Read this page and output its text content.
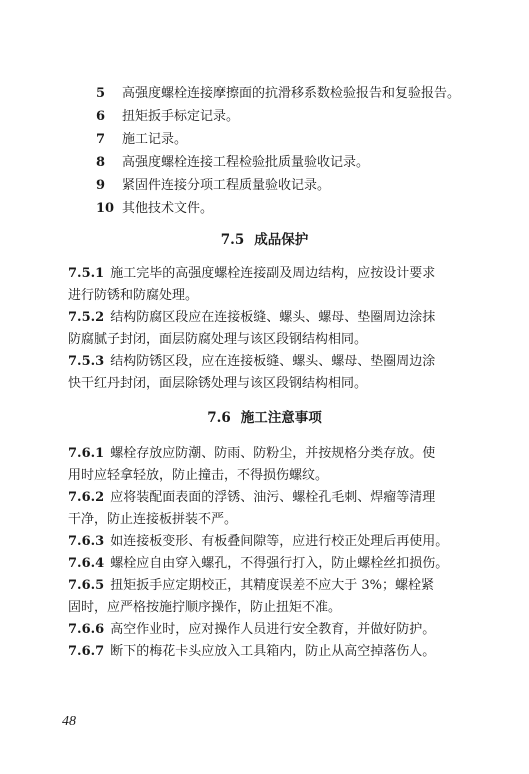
5 高强度螺栓连接摩擦面的抗滑移系数检验报告和复验报告。
6 扭矩扳手标定记录。
7 施工记录。
8 高强度螺栓连接工程检验批质量验收记录。
9 紧固件连接分项工程质量验收记录。
10 其他技术文件。
7.5 成品保护

7.5.1 施工完毕的高强度螺栓连接副及周边结构，应按设计要求

进行防锈和防腐处理。

7.5.2 结构防腐区段应在连接板缝、螺头、螺母、垫圈周边涂抹

防腐腻子封闭，面层防腐处理与该区段钢结构相同。

7.5.3 结构防锈区段，应在连接板缝、螺头、螺母、垫圈周边涂

快干红丹封闭，面层除锈处理与该区段钢结构相同。

7.6 施工注意事项

7.6.1 螺栓存放应防潮、防雨、防粉尘，并按规格分类存放。使

用时应轻拿轻放，防止撞击，不得损伤螺纹。

7.6.2 应将装配面表面的浮锈、油污、螺栓孔毛刺、焊瘤等清理

干净，防止连接板拼装不严。

7.6.3 如连接板变形、有板叠间隙等，应进行校正处理后再使用。

7.6.4 螺栓应自由穿入螺孔，不得强行打入，防止螺栓丝扣损伤。

7.6.5 扭矩扳手应定期校正，其精度误差不应大于 3%；螺栓紧

固时，应严格按施拧顺序操作，防止扭矩不准。

7.6.6 高空作业时，应对操作人员进行安全教育，并做好防护。

7.6.7 断下的梅花卡头应放入工具箱内，防止从高空掉落伤人。

48
